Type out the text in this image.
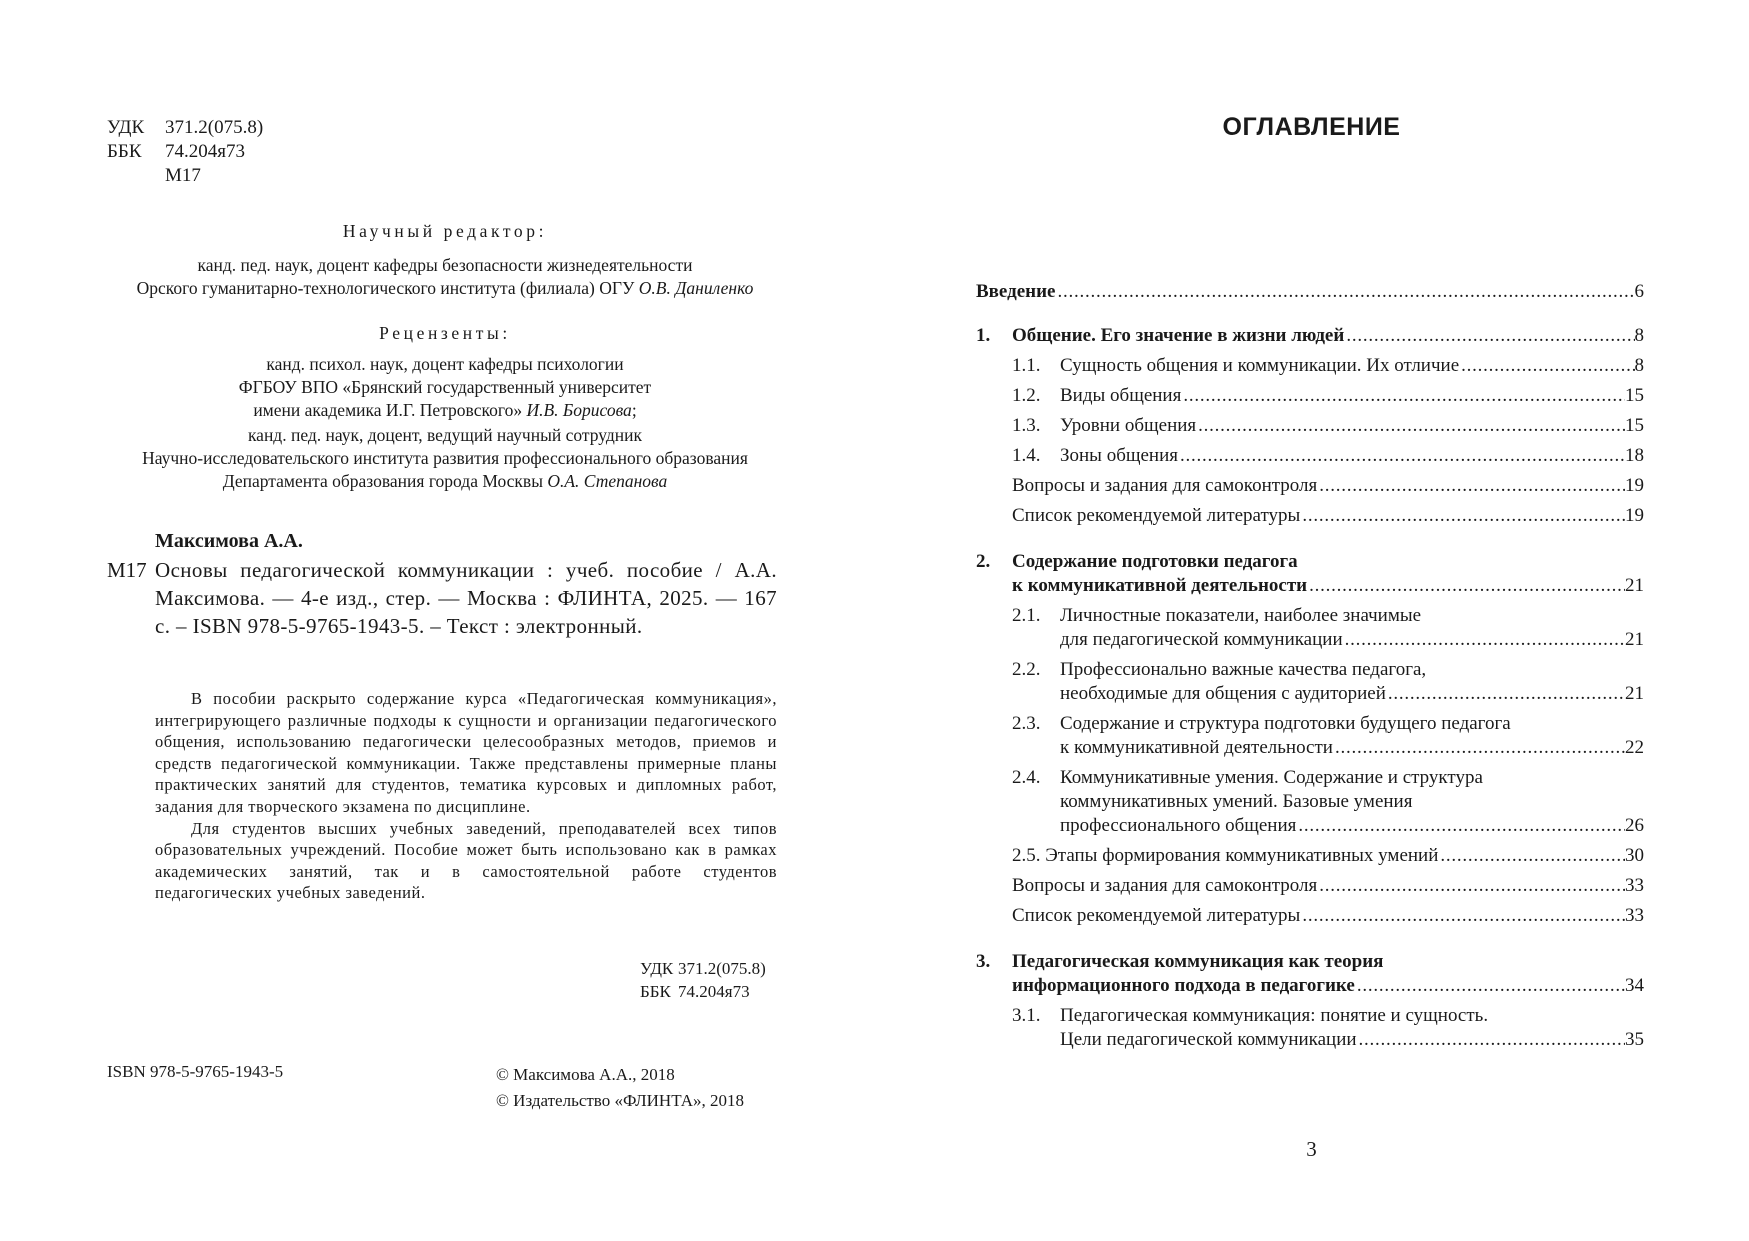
УДК	371.2(075.8)
ББК	74.204я73
М17
Научный редактор:
канд. пед. наук, доцент кафедры безопасности жизнедеятельности
Орского гуманитарно-технологического института (филиала) ОГУ О.В. Даниленко
Рецензенты:
канд. психол. наук, доцент кафедры психологии
ФГБОУ ВПО «Брянский государственный университет
имени академика И.Г. Петровского» И.В. Борисова;
канд. пед. наук, доцент, ведущий научный сотрудник
Научно-исследовательского института развития профессионального образования
Департамента образования города Москвы О.А. Степанова
Максимова А.А.
М17 Основы педагогической коммуникации : учеб. пособие / А.А. Максимова. — 4-е изд., стер. — Москва : ФЛИНТА, 2025. — 167 с. – ISBN 978-5-9765-1943-5. – Текст : электронный.

В пособии раскрыто содержание курса «Педагогическая коммуникация», интегрирующего различные подходы к сущности и организации педагогического общения, использованию педагогически целесообразных методов, приемов и средств педагогической коммуникации. Также представлены примерные планы практических занятий для студентов, тематика курсовых и дипломных работ, задания для творческого экзамена по дисциплине.

Для студентов высших учебных заведений, преподавателей всех типов образовательных учреждений. Пособие может быть использовано как в рамках академических занятий, так и в самостоятельной работе студентов педагогических учебных заведений.

УДК 371.2(075.8)
ББК 74.204я73
ISBN 978-5-9765-1943-5	© Максимова А.А., 2018
© Издательство «ФЛИНТА», 2018
ОГЛАВЛЕНИЕ
Введение . . .	6
1.	Общение. Его значение в жизни людей . . .	8
1.1.	Сущность общения и коммуникации. Их отличие . . .	8
1.2.	Виды общения . . .	15
1.3.	Уровни общения . . .	15
1.4.	Зоны общения . . .	18
Вопросы и задания для самоконтроля . . .	19
Список рекомендуемой литературы . . .	19
2.	Содержание подготовки педагога
к коммуникативной деятельности . . .	21
2.1.	Личностные показатели, наиболее значимые
для педагогической коммуникации . . .	21
2.2.	Профессионально важные качества педагога,
необходимые для общения с аудиторией . . .	21
2.3.	Содержание и структура подготовки будущего педагога
к коммуникативной деятельности . . .	22
2.4.	Коммуникативные умения. Содержание и структура
коммуникативных умений. Базовые умения
профессионального общения . . .	26
2.5. Этапы формирования коммуникативных умений . . .	30
Вопросы и задания для самоконтроля . . .	33
Список рекомендуемой литературы . . .	33
3.	Педагогическая коммуникация как теория
информационного подхода в педагогике . . .	34
3.1.	Педагогическая коммуникация: понятие и сущность.
Цели педагогической коммуникации . . .	35
3
